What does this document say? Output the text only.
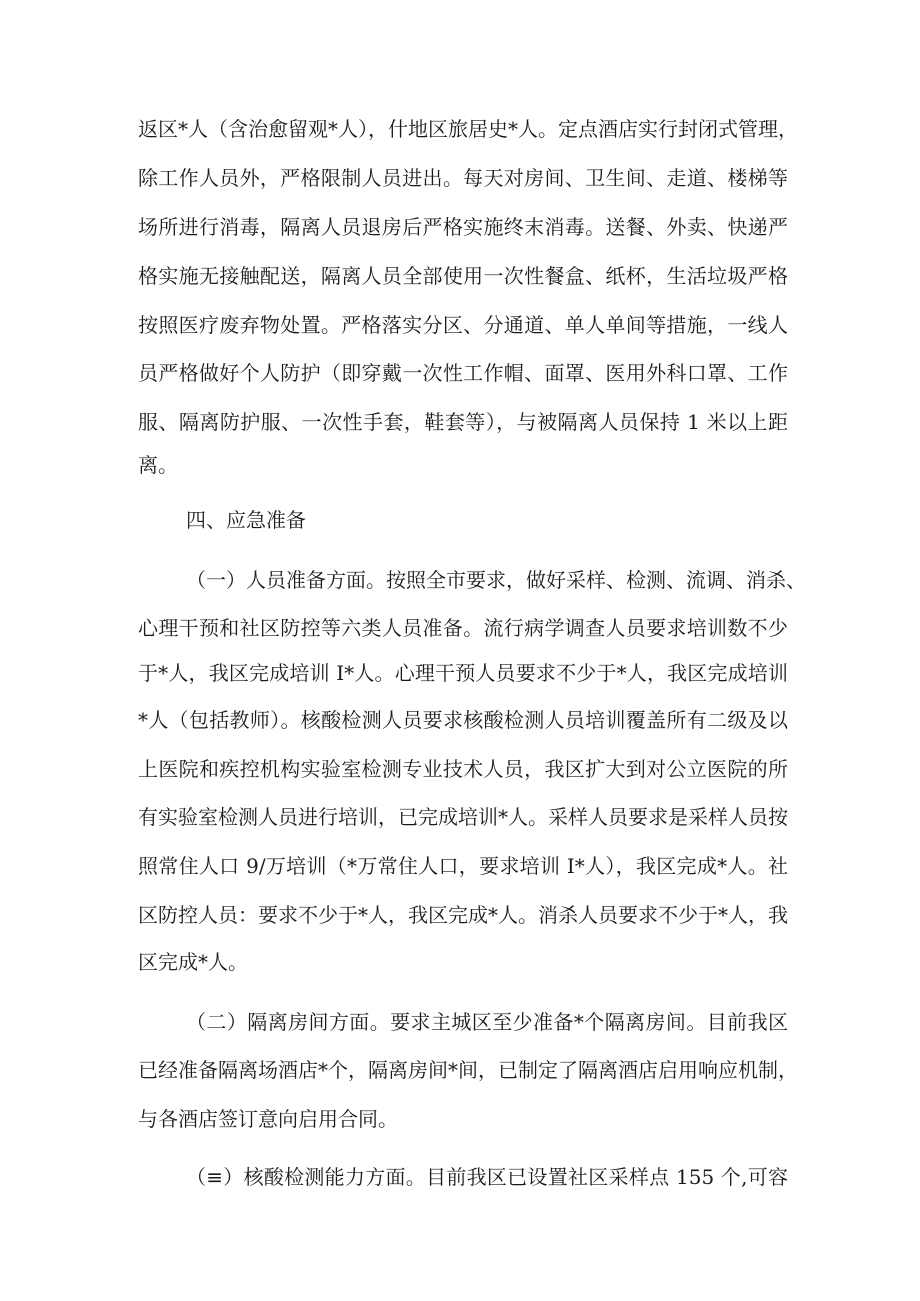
返区*人（含治愈留观*人），什地区旅居史*人。定点酒店实行封闭式管理，
除工作人员外，严格限制人员进出。每天对房间、卫生间、走道、楼梯等
场所进行消毒，隔离人员退房后严格实施终末消毒。送餐、外卖、快递严
格实施无接触配送，隔离人员全部使用一次性餐盒、纸杯，生活垃圾严格
按照医疗废弃物处置。严格落实分区、分通道、单人单间等措施，一线人
员严格做好个人防护（即穿戴一次性工作帽、面罩、医用外科口罩、工作
服、隔离防护服、一次性手套，鞋套等），与被隔离人员保持 1 米以上距
离。
四、应急准备
（一）人员准备方面。按照全市要求，做好采样、检测、流调、消杀、
心理干预和社区防控等六类人员准备。流行病学调查人员要求培训数不少
于*人，我区完成培训 I*人。心理干预人员要求不少于*人，我区完成培训
*人（包括教师）。核酸检测人员要求核酸检测人员培训覆盖所有二级及以
上医院和疾控机构实验室检测专业技术人员，我区扩大到对公立医院的所
有实验室检测人员进行培训，已完成培训*人。采样人员要求是采样人员按
照常住人口 9/万培训（*万常住人口，要求培训 I*人），我区完成*人。社
区防控人员：要求不少于*人，我区完成*人。消杀人员要求不少于*人，我
区完成*人。
（二）隔离房间方面。要求主城区至少准备*个隔离房间。目前我区
已经准备隔离场酒店*个，隔离房间*间，已制定了隔离酒店启用响应机制，
与各酒店签订意向启用合同。
（≡）核酸检测能力方面。目前我区已设置社区采样点 155 个,可容
